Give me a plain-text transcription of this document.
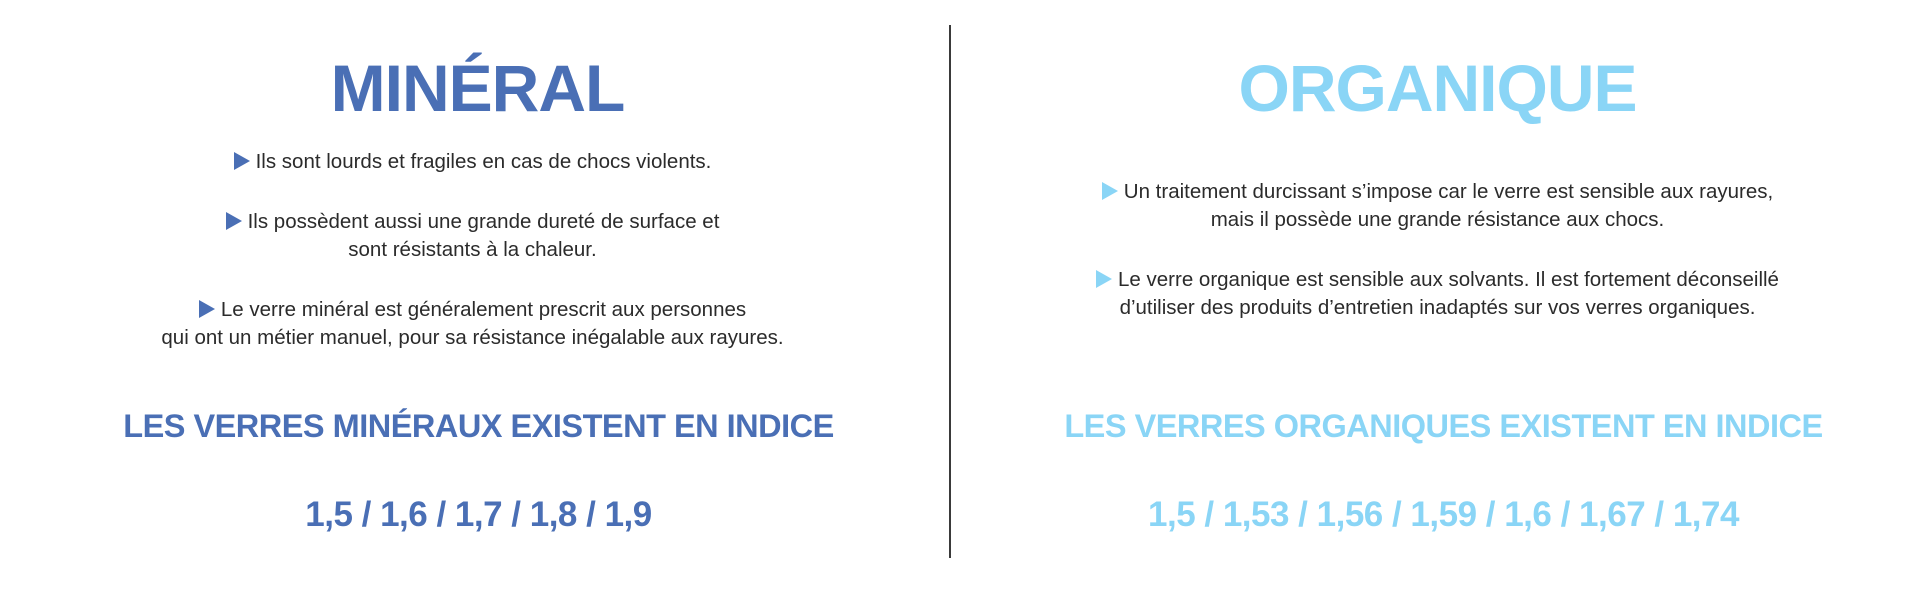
MINÉRAL

Ils sont lourds et fragiles en cas de chocs violents.

Ils possèdent aussi une grande dureté de surface et
sont résistants à la chaleur.

Le verre minéral est généralement prescrit aux personnes
qui ont un métier manuel, pour sa résistance inégalable aux rayures.

LES VERRES MINÉRAUX EXISTENT EN INDICE

1,5 / 1,6 / 1,7 / 1,8 / 1,9

ORGANIQUE

Un traitement durcissant s’impose car le verre est sensible aux rayures,
mais il possède une grande résistance aux chocs.

Le verre organique est sensible aux solvants. Il est fortement déconseillé
d’utiliser des produits d’entretien inadaptés sur vos verres organiques.

LES VERRES ORGANIQUES EXISTENT EN INDICE

1,5 / 1,53 / 1,56 / 1,59 / 1,6 / 1,67 / 1,74
